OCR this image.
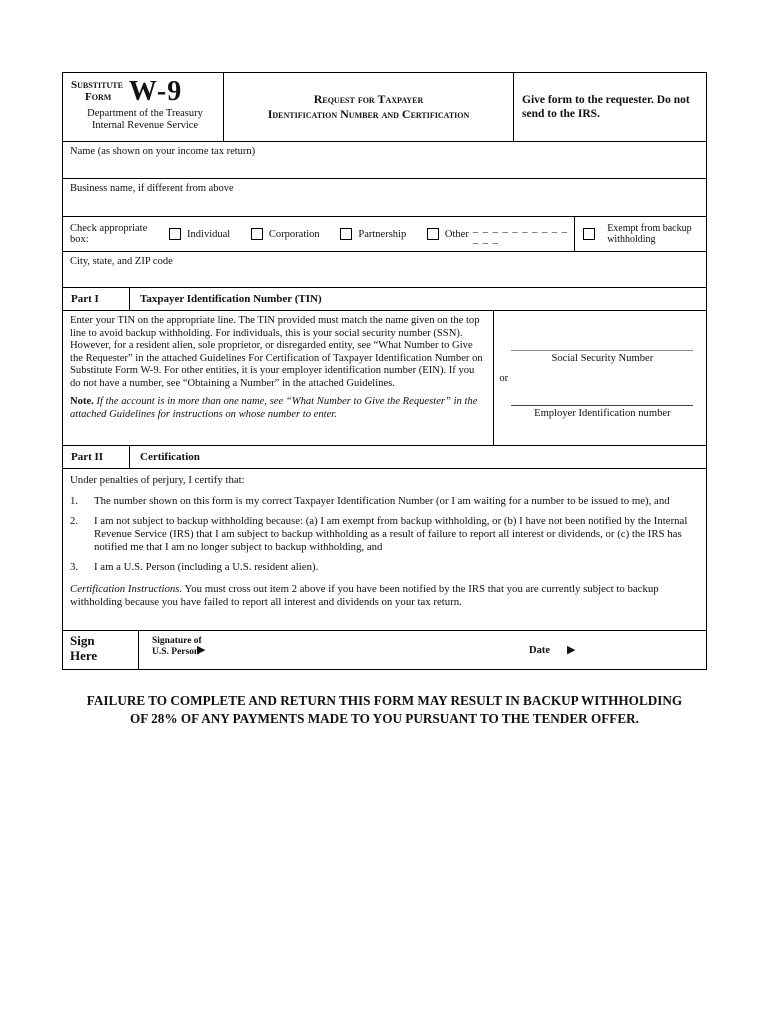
Substitute
Form W-9
Department of the Treasury
Internal Revenue Service
Request for Taxpayer
Identification Number and Certification
Give form to the requester. Do not send to the IRS.
Name (as shown on your income tax return)
Business name, if different from above
Check appropriate box:	Individual	Corporation	Partnership	Other _ _ _ _ _ _ _ _ _ _ _ _ _
Exempt from backup withholding
City, state, and ZIP code
Part I	Taxpayer Identification Number (TIN)
Enter your TIN on the appropriate line. The TIN provided must match the name given on the top line to avoid backup withholding. For individuals, this is your social security number (SSN). However, for a resident alien, sole proprietor, or disregarded entity, see “What Number to Give the Requester” in the attached Guidelines For Certification of Taxpayer Identification Number on Substitute Form W-9. For other entities, it is your employer identification number (EIN). If you do not have a number, see “Obtaining a Number” in the attached Guidelines.
Note. If the account is in more than one name, see “What Number to Give the Requester” in the attached Guidelines for instructions on whose number to enter.
Social Security Number
or
Employer Identification number
Part II	Certification
Under penalties of perjury, I certify that:
1.	The number shown on this form is my correct Taxpayer Identification Number (or I am waiting for a number to be issued to me), and
2.	I am not subject to backup withholding because: (a) I am exempt from backup withholding, or (b) I have not been notified by the Internal Revenue Service (IRS) that I am subject to backup withholding as a result of failure to report all interest or dividends, or (c) the IRS has notified me that I am no longer subject to backup withholding, and
3.	I am a U.S. Person (including a U.S. resident alien).
Certification Instructions. You must cross out item 2 above if you have been notified by the IRS that you are currently subject to backup withholding because you have failed to report all interest and dividends on your tax return.
Sign
Here
Signature of
U.S. Person
▶	Date ▶
FAILURE TO COMPLETE AND RETURN THIS FORM MAY RESULT IN BACKUP WITHHOLDING
OF 28% OF ANY PAYMENTS MADE TO YOU PURSUANT TO THE TENDER OFFER.
